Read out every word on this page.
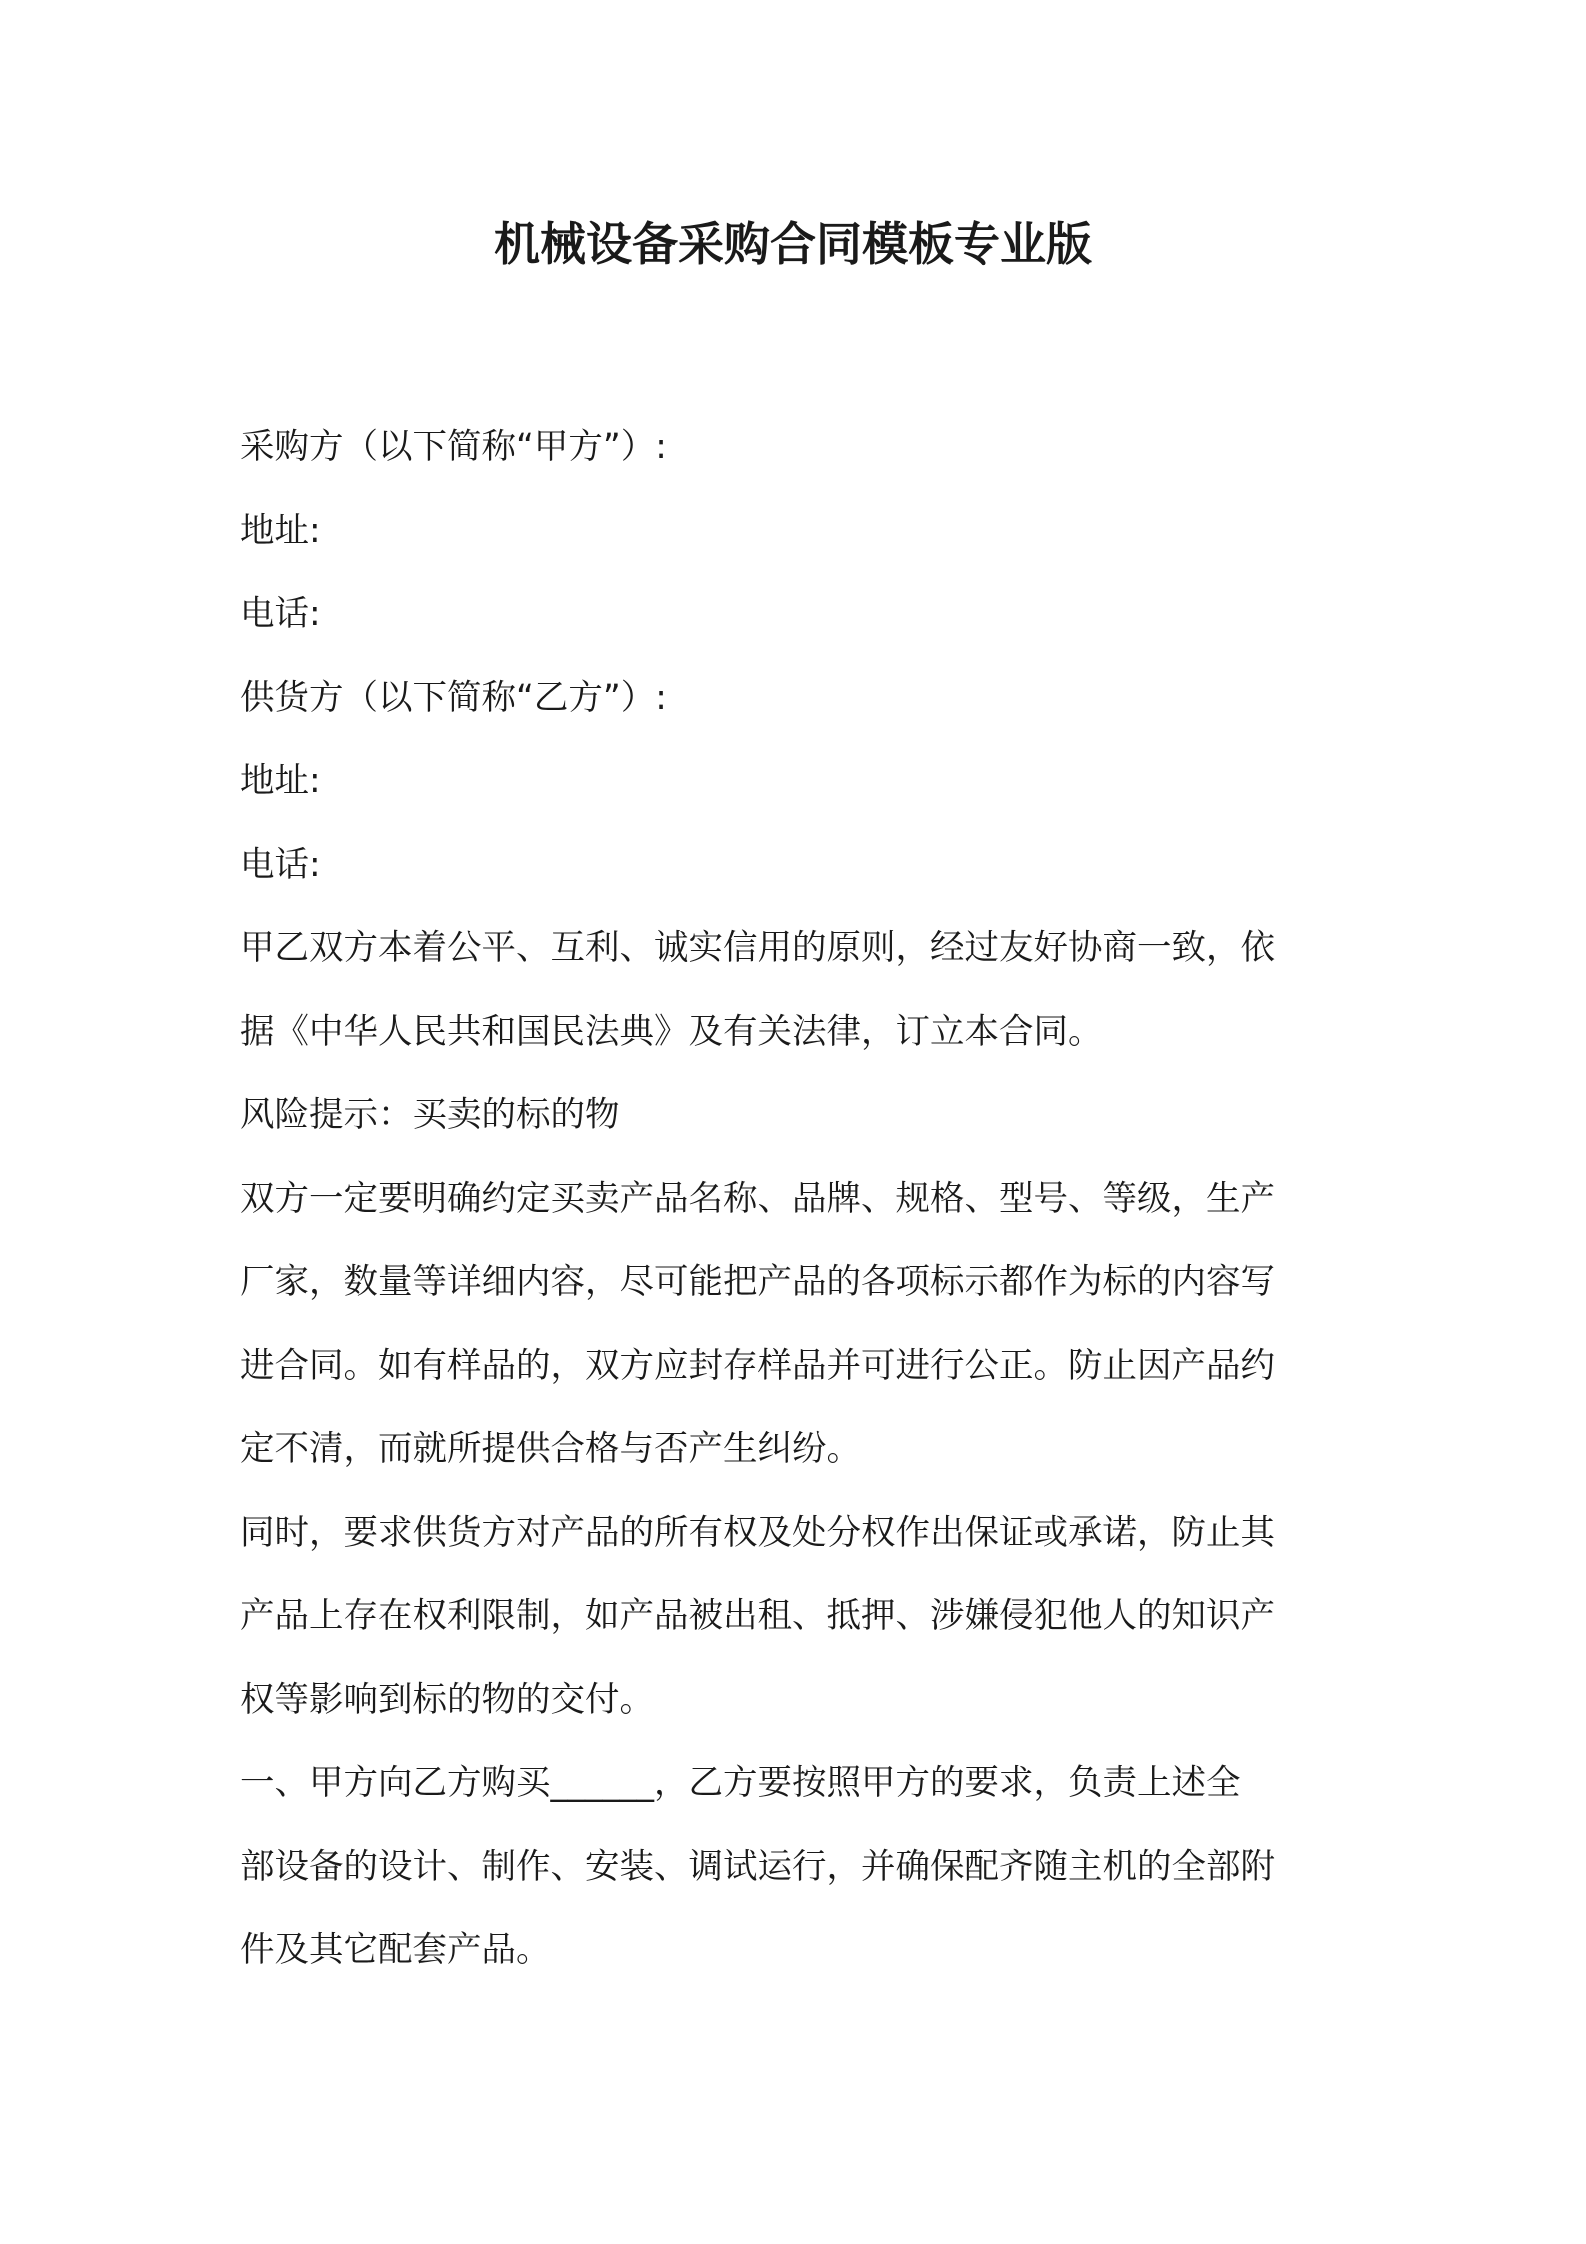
机械设备采购合同模板专业版
采购方（以下简称“甲方”）:
地址:
电话:
供货方（以下简称“乙方”）:
地址:
电话:
甲乙双方本着公平、互利、诚实信用的原则，经过友好协商一致，依
据《中华人民共和国民法典》及有关法律，订立本合同。
风险提示：买卖的标的物
双方一定要明确约定买卖产品名称、品牌、规格、型号、等级，生产
厂家，数量等详细内容，尽可能把产品的各项标示都作为标的内容写
进合同。如有样品的，双方应封存样品并可进行公正。防止因产品约
定不清，而就所提供合格与否产生纠纷。
同时，要求供货方对产品的所有权及处分权作出保证或承诺，防止其
产品上存在权利限制，如产品被出租、抵押、涉嫌侵犯他人的知识产
权等影响到标的物的交付。
一、甲方向乙方购买______，乙方要按照甲方的要求，负责上述全
部设备的设计、制作、安装、调试运行，并确保配齐随主机的全部附
件及其它配套产品。
